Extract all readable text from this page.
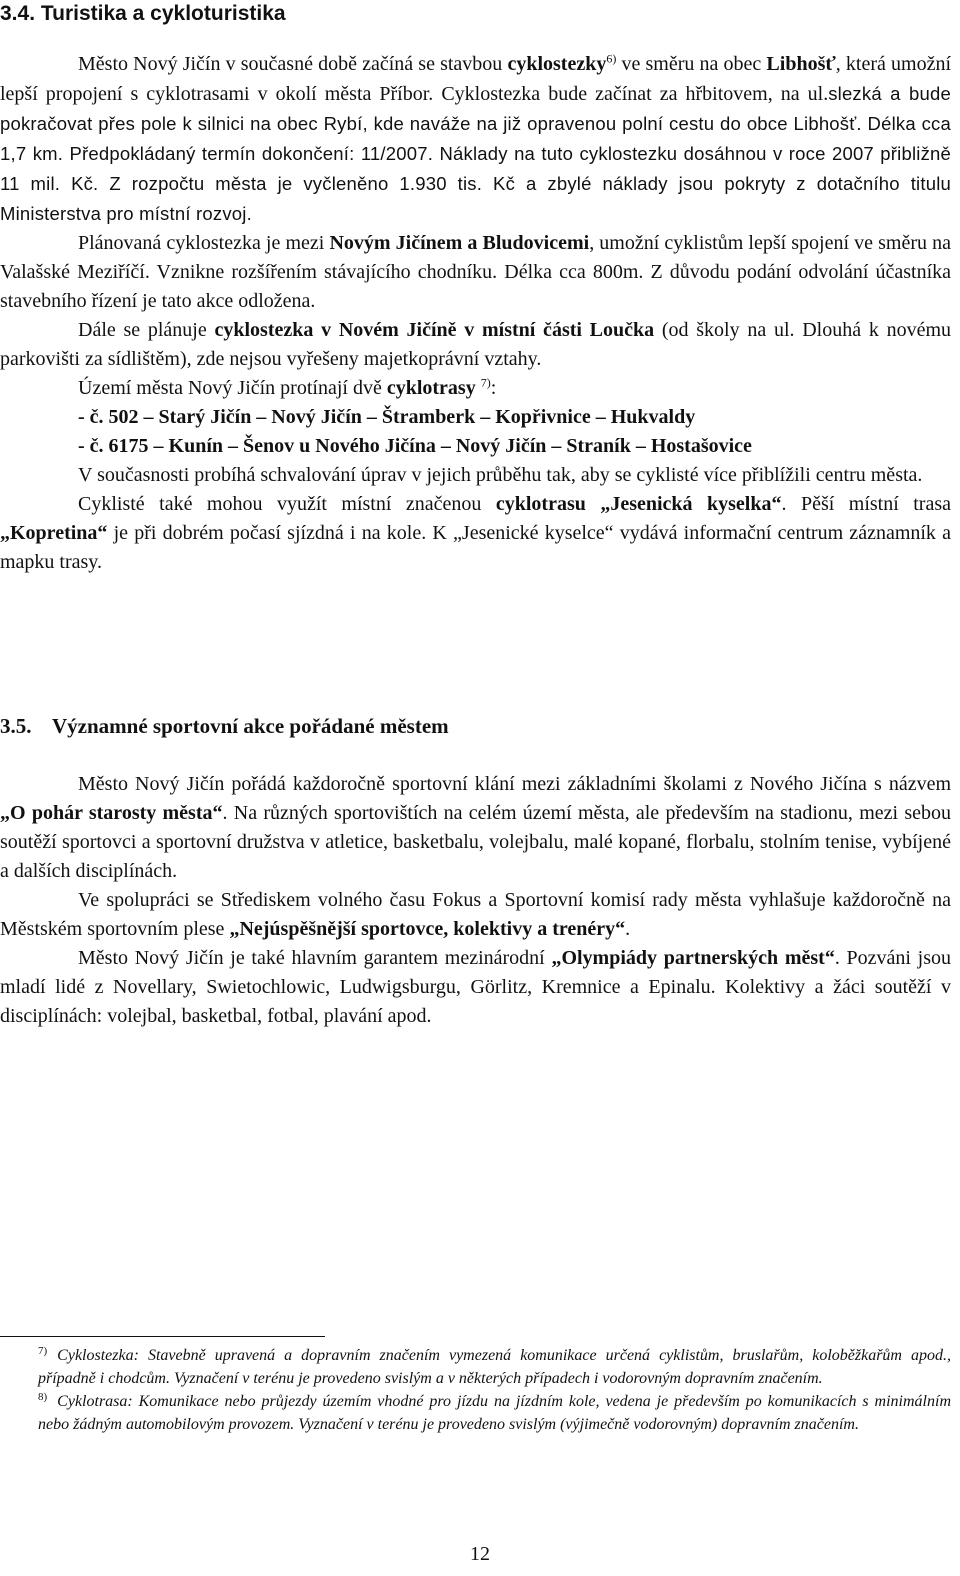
3.4. Turistika a cykloturistika

Město Nový Jičín v současné době začíná se stavbou cyklostezky$^{6)}$ ve směru na obec Libhošť, která umožní lepší propojení s cyklotrasami v okolí města Příbor. Cyklostezka bude začínat za hřbitovem, na ul.slezká a bude pokračovat přes pole k silnici na obec Rybí, kde naváže na již opravenou polní cestu do obce Libhošť. Délka cca 1,7 km. Předpokládaný termín dokončení: 11/2007. Náklady na tuto cyklostezku dosáhnou v roce 2007 přibližně 11 mil. Kč. Z rozpočtu města je vyčleněno 1.930 tis. Kč a zbylé náklady jsou pokryty z dotačního titulu Ministerstva pro místní rozvoj.

Plánovaná cyklostezka je mezi Novým Jičínem a Bludovicemi, umožní cyklistům lepší spojení ve směru na Valašské Meziříčí. Vznikne rozšířením stávajícího chodníku. Délka cca 800m. Z důvodu podání odvolání účastníka stavebního řízení je tato akce odložena.

Dále se plánuje cyklostezka v Novém Jičíně v místní části Loučka (od školy na ul. Dlouhá k novému parkovišti za sídlištěm), zde nejsou vyřešeny majetkoprávní vztahy.

Území města Nový Jičín protínají dvě cyklotrasy $^{7)}$:

- č. 502 – Starý Jičín – Nový Jičín – Štramberk – Kopřivnice – Hukvaldy

- č. 6175 – Kunín – Šenov u Nového Jičína – Nový Jičín – Straník – Hostašovice

V současnosti probíhá schvalování úprav v jejich průběhu tak, aby se cyklisté více přiblížili centru města.

Cyklisté také mohou využít místní značenou cyklotrasu „Jesenická kyselka“. Pěší místní trasa „Kopretina“ je při dobrém počasí sjízdná i na kole. K „Jesenické kyselce“ vydává informační centrum záznamník a mapku trasy.

3.5. Významné sportovní akce pořádané městem

Město Nový Jičín pořádá každoročně sportovní klání mezi základními školami z Nového Jičína s názvem „O pohár starosty města“. Na různých sportovištích na celém území města, ale především na stadionu, mezi sebou soutěží sportovci a sportovní družstva v atletice, basketbalu, volejbalu, malé kopané, florbalu, stolním tenise, vybíjené a dalších disciplínách.

Ve spolupráci se Střediskem volného času Fokus a Sportovní komisí rady města vyhlašuje každoročně na Městském sportovním plese „Nejúspěšnější sportovce, kolektivy a trenéry“.

Město Nový Jičín je také hlavním garantem mezinárodní „Olympiády partnerských měst“. Pozváni jsou mladí lidé z Novellary, Swietochlowic, Ludwigsburgu, Görlitz, Kremnice a Epinalu. Kolektivy a žáci soutěží v disciplínách: volejbal, basketbal, fotbal, plavání apod.

$^{7)}$ Cyklostezka: Stavebně upravená a dopravním značením vymezená komunikace určená cyklistům, bruslařům, koloběžkařům apod., případně i chodcům. Vyznačení v terénu je provedeno svislým a v některých případech i vodorovným dopravním značením.

$^{8)}$ Cyklotrasa: Komunikace nebo průjezdy územím vhodné pro jízdu na jízdním kole, vedena je především po komunikacích s minimálním nebo žádným automobilovým provozem. Vyznačení v terénu je provedeno svislým (výjimečně vodorovným) dopravním značením.

12
